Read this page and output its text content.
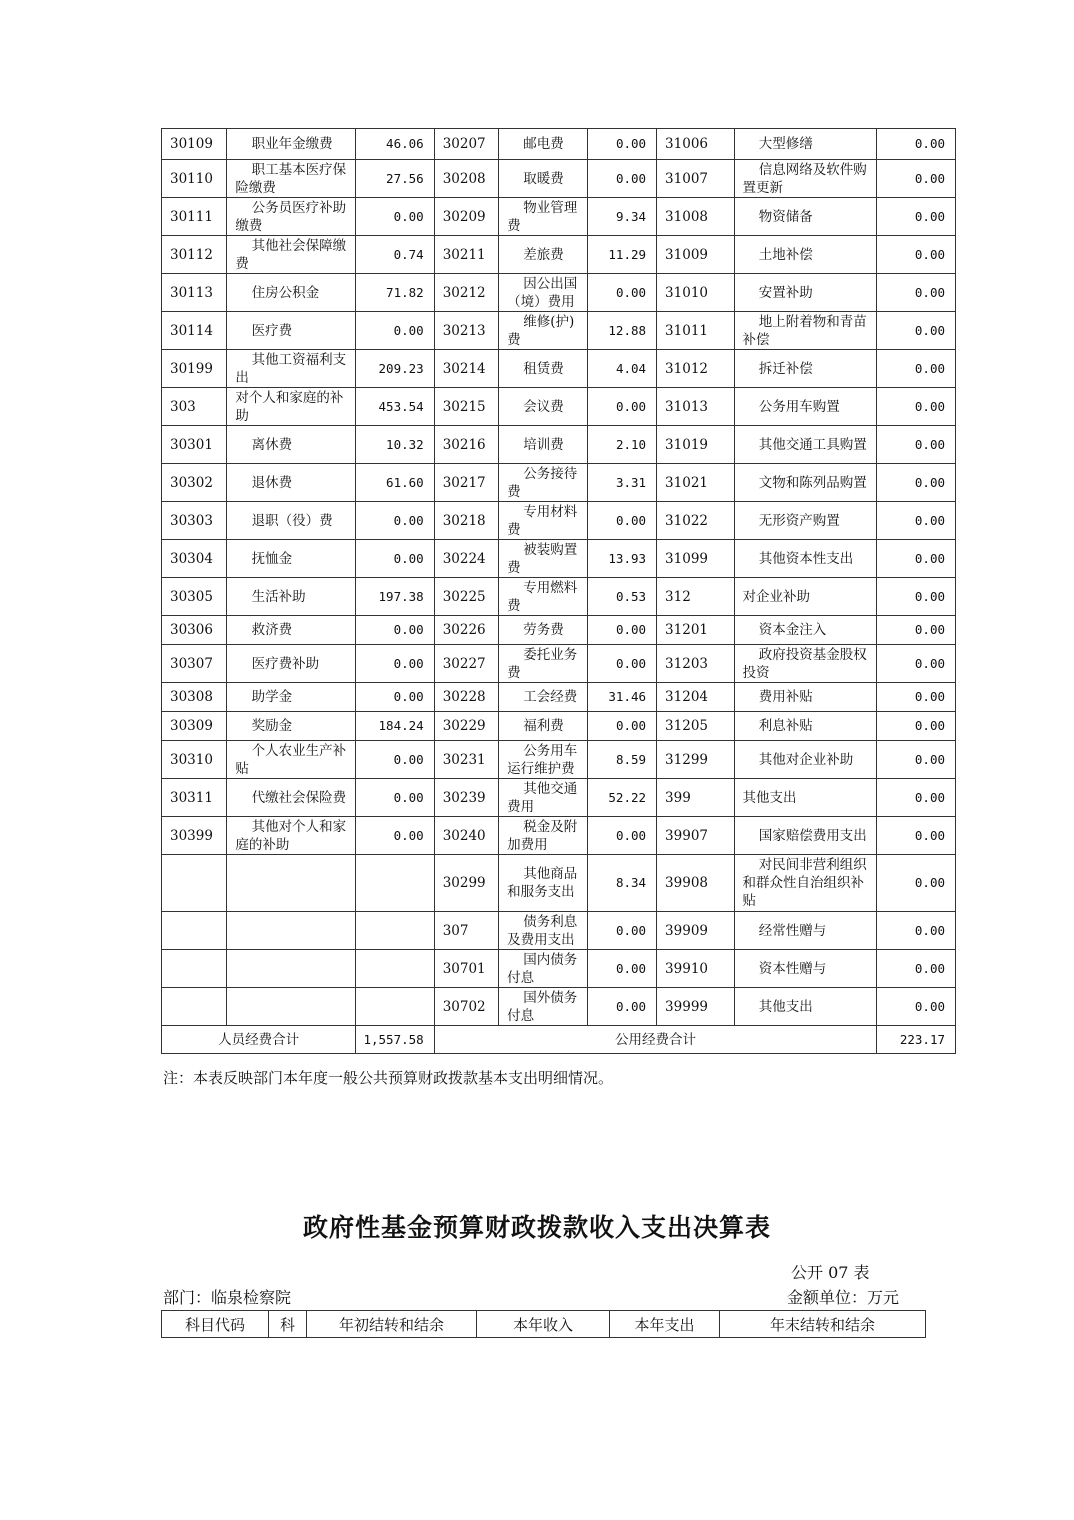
30109	职业年金缴费	46.06	30207	邮电费	0.00	31006	大型修缮	0.00
30110	职工基本医疗保险缴费	27.56	30208	取暖费	0.00	31007	信息网络及软件购置更新	0.00
30111	公务员医疗补助缴费	0.00	30209	物业管理费	9.34	31008	物资储备	0.00
30112	其他社会保障缴费	0.74	30211	差旅费	11.29	31009	土地补偿	0.00
30113	住房公积金	71.82	30212	因公出国（境）费用	0.00	31010	安置补助	0.00
30114	医疗费	0.00	30213	维修(护)费	12.88	31011	地上附着物和青苗补偿	0.00
30199	其他工资福利支出	209.23	30214	租赁费	4.04	31012	拆迁补偿	0.00
303	对个人和家庭的补助	453.54	30215	会议费	0.00	31013	公务用车购置	0.00
30301	离休费	10.32	30216	培训费	2.10	31019	其他交通工具购置	0.00
30302	退休费	61.60	30217	公务接待费	3.31	31021	文物和陈列品购置	0.00
30303	退职（役）费	0.00	30218	专用材料费	0.00	31022	无形资产购置	0.00
30304	抚恤金	0.00	30224	被装购置费	13.93	31099	其他资本性支出	0.00
30305	生活补助	197.38	30225	专用燃料费	0.53	312	对企业补助	0.00
30306	救济费	0.00	30226	劳务费	0.00	31201	资本金注入	0.00
30307	医疗费补助	0.00	30227	委托业务费	0.00	31203	政府投资基金股权投资	0.00
30308	助学金	0.00	30228	工会经费	31.46	31204	费用补贴	0.00
30309	奖励金	184.24	30229	福利费	0.00	31205	利息补贴	0.00
30310	个人农业生产补贴	0.00	30231	公务用车运行维护费	8.59	31299	其他对企业补助	0.00
30311	代缴社会保险费	0.00	30239	其他交通费用	52.22	399	其他支出	0.00
30399	其他对个人和家庭的补助	0.00	30240	税金及附加费用	0.00	39907	国家赔偿费用支出	0.00
			30299	其他商品和服务支出	8.34	39908	对民间非营利组织和群众性自治组织补贴	0.00
			307	债务利息及费用支出	0.00	39909	经常性赠与	0.00
			30701	国内债务付息	0.00	39910	资本性赠与	0.00
			30702	国外债务付息	0.00	39999	其他支出	0.00
人员经费合计		1,557.58	公用经费合计					223.17
注：本表反映部门本年度一般公共预算财政拨款基本支出明细情况。
政府性基金预算财政拨款收入支出决算表
公开 07 表
部门：临泉检察院	金额单位：万元
科目代码	科	年初结转和结余	本年收入	本年支出	年末结转和结余
